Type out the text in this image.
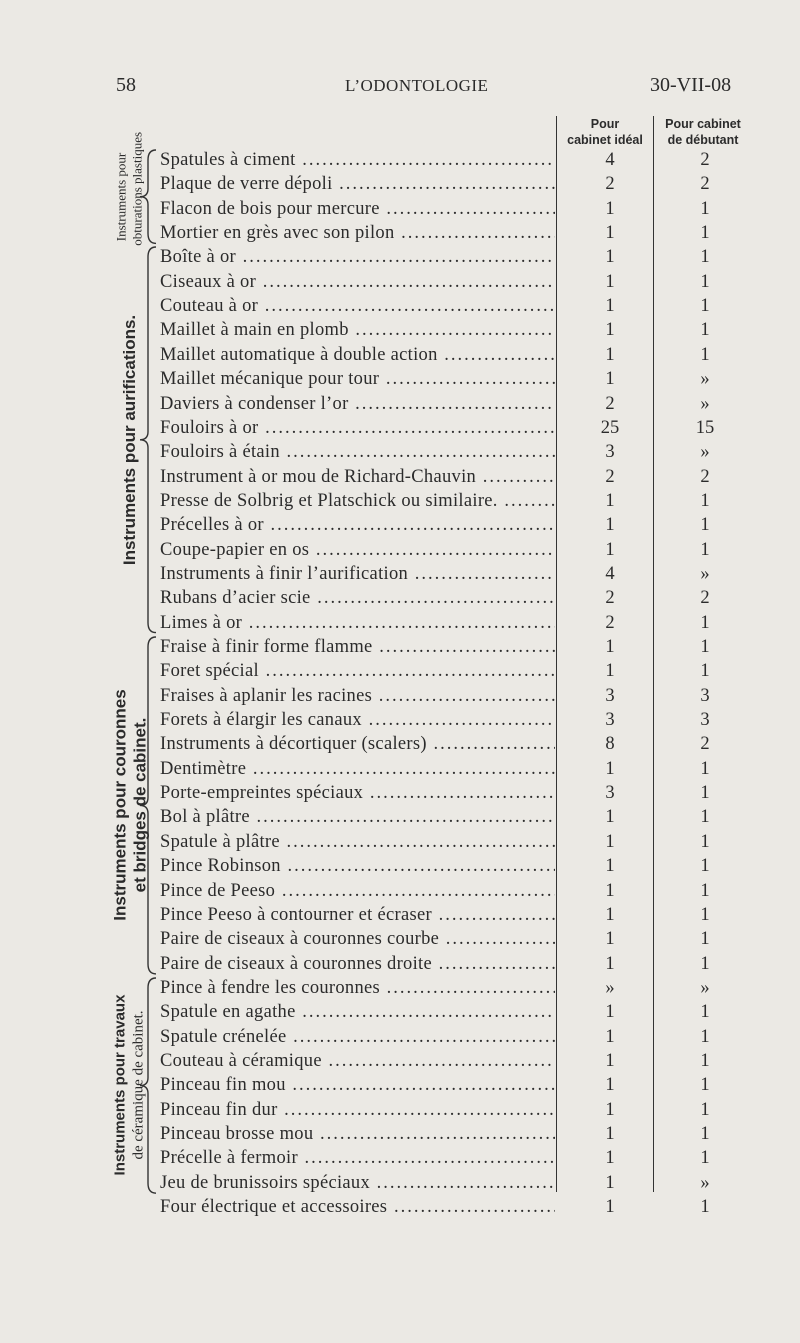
58	L’ODONTOLOGIE	30-VII-08
Pour
cabinet idéal
Pour cabinet
de débutant
Instruments pour obturations plastiques
Instruments pour aurifications.
Instruments pour couronnes et bridges de cabinet.
Instruments pour travaux de céramique de cabinet.
Spatules à ciment .....	4	2
Plaque de verre dépoli .....	2	2
Flacon de bois pour mercure .....	1	1
Mortier en grès avec son pilon .....	1	1
Boîte à or .....	1	1
Ciseaux à or .....	1	1
Couteau à or .....	1	1
Maillet à main en plomb .....	1	1
Maillet automatique à double action .....	1	1
Maillet mécanique pour tour .....	1	»
Daviers à condenser l’or .....	2	»
Fouloirs à or .....	25	15
Fouloirs à étain .....	3	»
Instrument à or mou de Richard-Chauvin .....	2	2
Presse de Solbrig et Platschick ou similaire. .....	1	1
Précelles à or .....	1	1
Coupe-papier en os .....	1	1
Instruments à finir l’aurification .....	4	»
Rubans d’acier scie .....	2	2
Limes à or .....	2	1
Fraise à finir forme flamme .....	1	1
Foret spécial .....	1	1
Fraises à aplanir les racines .....	3	3
Forets à élargir les canaux .....	3	3
Instruments à décortiquer (scalers) .....	8	2
Dentimètre .....	1	1
Porte-empreintes spéciaux .....	3	1
Bol à plâtre .....	1	1
Spatule à plâtre .....	1	1
Pince Robinson .....	1	1
Pince de Peeso .....	1	1
Pince Peeso à contourner et écraser .....	1	1
Paire de ciseaux à couronnes courbe .....	1	1
Paire de ciseaux à couronnes droite .....	1	1
Pince à fendre les couronnes .....	»	»
Spatule en agathe .....	1	1
Spatule crénelée .....	1	1
Couteau à céramique .....	1	1
Pinceau fin mou .....	1	1
Pinceau fin dur .....	1	1
Pinceau brosse mou .....	1	1
Précelle à fermoir .....	1	1
Jeu de brunissoirs spéciaux .....	1	»
Four électrique et accessoires .....	1	1
